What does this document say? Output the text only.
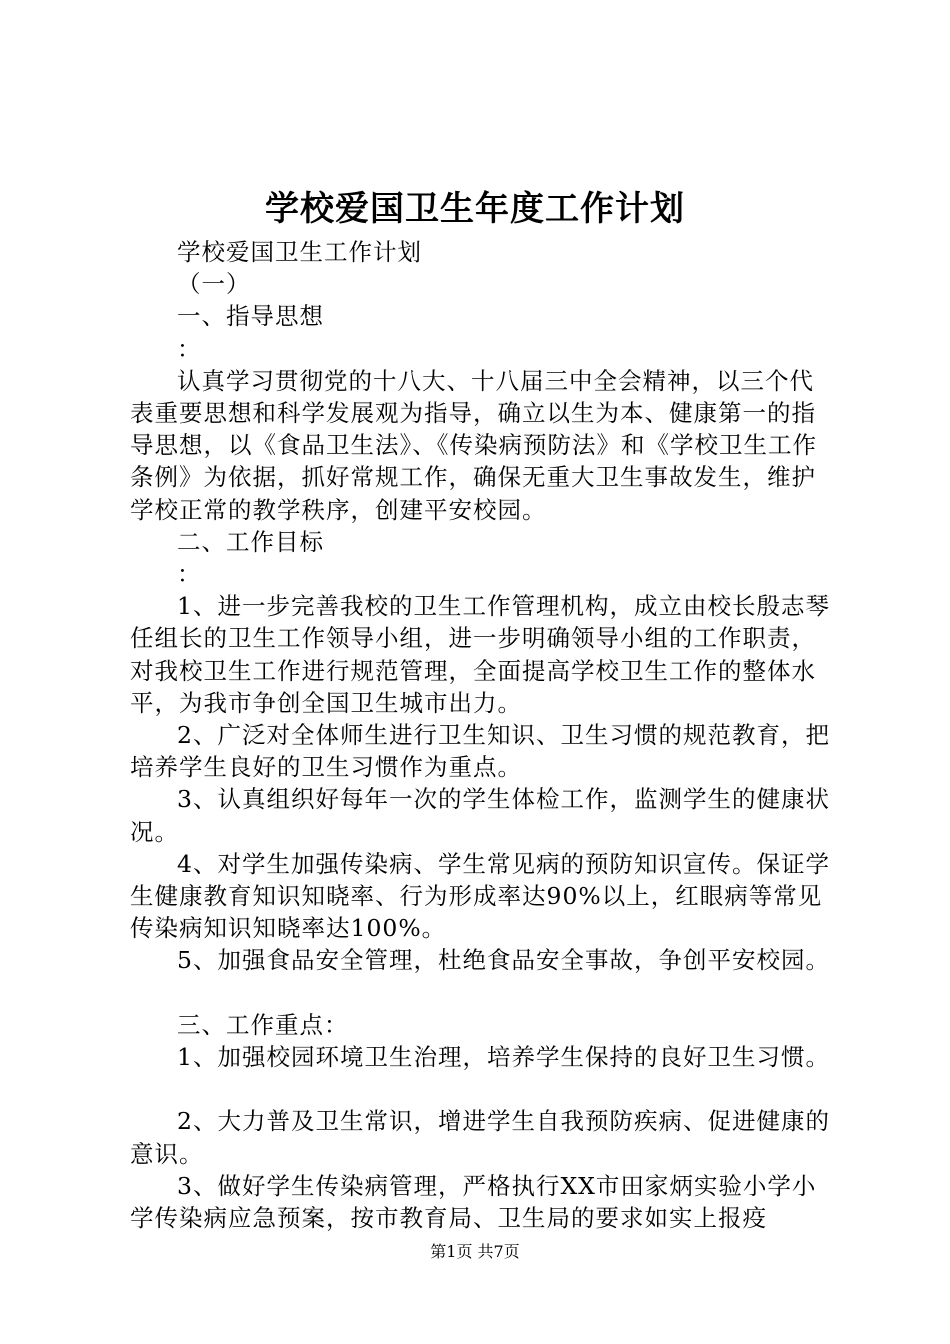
学校爱国卫生年度工作计划

学校爱国卫生工作计划

（一）

一、指导思想

：

认真学习贯彻党的十八大、十八届三中全会精神，以三个代表重要思想和科学发展观为指导，确立以生为本、健康第一的指导思想，以《食品卫生法》、《传染病预防法》和《学校卫生工作条例》为依据，抓好常规工作，确保无重大卫生事故发生，维护学校正常的教学秩序，创建平安校园。

二、工作目标

：

1、进一步完善我校的卫生工作管理机构，成立由校长殷志琴任组长的卫生工作领导小组，进一步明确领导小组的工作职责，对我校卫生工作进行规范管理，全面提高学校卫生工作的整体水平，为我市争创全国卫生城市出力。

2、广泛对全体师生进行卫生知识、卫生习惯的规范教育，把培养学生良好的卫生习惯作为重点。

3、认真组织好每年一次的学生体检工作，监测学生的健康状况。

4、对学生加强传染病、学生常见病的预防知识宣传。保证学生健康教育知识知晓率、行为形成率达90%以上，红眼病等常见传染病知识知晓率达100%。

5、加强食品安全管理，杜绝食品安全事故，争创平安校园。

三、工作重点：

1、加强校园环境卫生治理，培养学生保持的良好卫生习惯。

2、大力普及卫生常识，增进学生自我预防疾病、促进健康的意识。

3、做好学生传染病管理，严格执行XX市田家炳实验小学小学传染病应急预案，按市教育局、卫生局的要求如实上报疫

第1页 共7页
